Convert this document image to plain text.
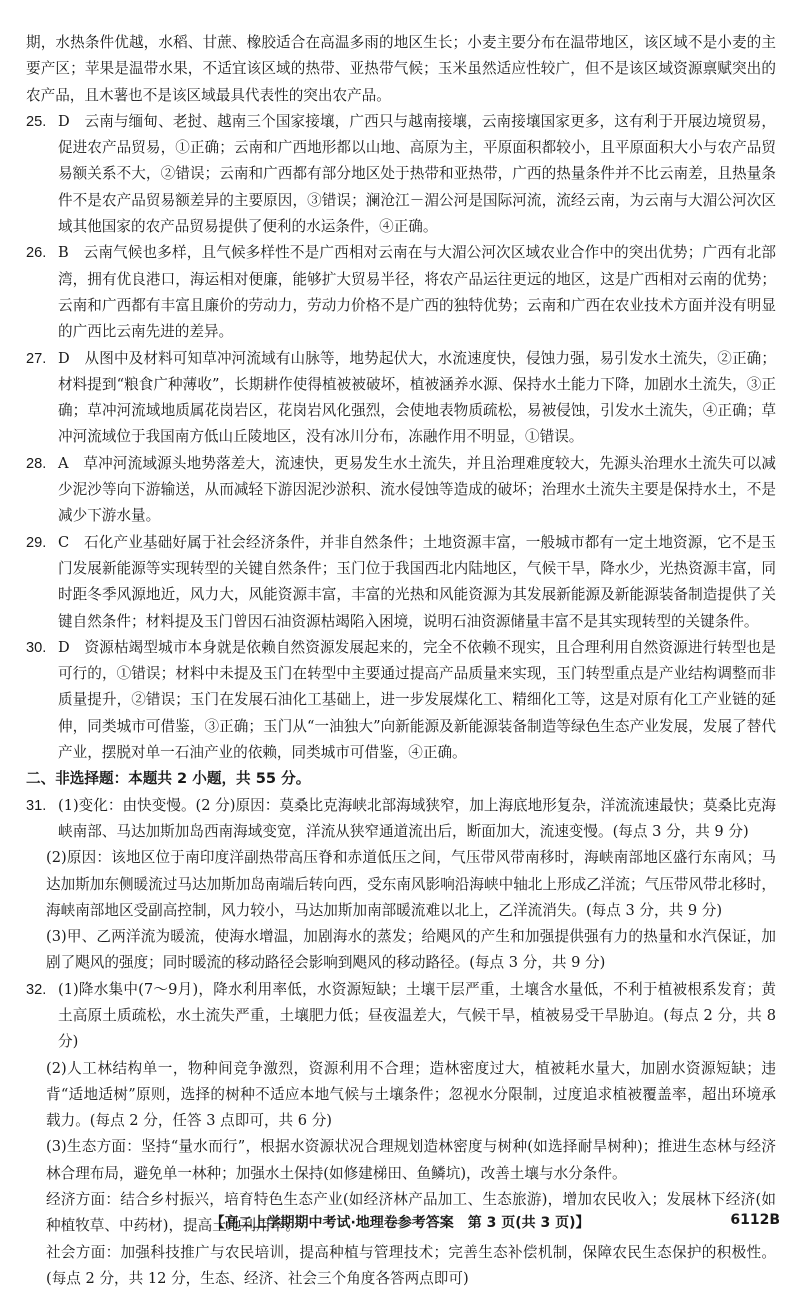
期，水热条件优越，水稻、甘蔗、橡胶适合在高温多雨的地区生长；小麦主要分布在温带地区，该区域不是小麦的主要产区；苹果是温带水果，不适宜该区域的热带、亚热带气候；玉米虽然适应性较广，但不是该区域资源禀赋突出的农产品，且木薯也不是该区域最具代表性的突出农产品。

25. D　云南与缅甸、老挝、越南三个国家接壤，广西只与越南接壤，云南接壤国家更多，这有利于开展边境贸易，促进农产品贸易，①正确；云南和广西地形都以山地、高原为主，平原面积都较小，且平原面积大小与农产品贸易额关系不大，②错误；云南和广西都有部分地区处于热带和亚热带，广西的热量条件并不比云南差，且热量条件不是农产品贸易额差异的主要原因，③错误；澜沧江－湄公河是国际河流，流经云南，为云南与大湄公河次区域其他国家的农产品贸易提供了便利的水运条件，④正确。

26. B　云南气候也多样，且气候多样性不是广西相对云南在与大湄公河次区域农业合作中的突出优势；广西有北部湾，拥有优良港口，海运相对便廉，能够扩大贸易半径，将农产品运往更远的地区，这是广西相对云南的优势；云南和广西都有丰富且廉价的劳动力，劳动力价格不是广西的独特优势；云南和广西在农业技术方面并没有明显的广西比云南先进的差异。

27. D　从图中及材料可知草冲河流域有山脉等，地势起伏大，水流速度快，侵蚀力强，易引发水土流失，②正确；材料提到“粮食广种薄收”，长期耕作使得植被被破坏，植被涵养水源、保持水土能力下降，加剧水土流失，③正确；草冲河流域地质属花岗岩区，花岗岩风化强烈，会使地表物质疏松，易被侵蚀，引发水土流失，④正确；草冲河流域位于我国南方低山丘陵地区，没有冰川分布，冻融作用不明显，①错误。

28. A　草冲河流域源头地势落差大，流速快，更易发生水土流失，并且治理难度较大，先源头治理水土流失可以减少泥沙等向下游输送，从而减轻下游因泥沙淤积、流水侵蚀等造成的破坏；治理水土流失主要是保持水土，不是减少下游水量。

29. C　石化产业基础好属于社会经济条件，并非自然条件；土地资源丰富，一般城市都有一定土地资源，它不是玉门发展新能源等实现转型的关键自然条件；玉门位于我国西北内陆地区，气候干旱，降水少，光热资源丰富，同时距冬季风源地近，风力大，风能资源丰富，丰富的光热和风能资源为其发展新能源及新能源装备制造提供了关键自然条件；材料提及玉门曾因石油资源枯竭陷入困境，说明石油资源储量丰富不是其实现转型的关键条件。

30. D　资源枯竭型城市本身就是依赖自然资源发展起来的，完全不依赖不现实，且合理利用自然资源进行转型也是可行的，①错误；材料中未提及玉门在转型中主要通过提高产品质量来实现，玉门转型重点是产业结构调整而非质量提升，②错误；玉门在发展石油化工基础上，进一步发展煤化工、精细化工等，这是对原有化工产业链的延伸，同类城市可借鉴，③正确；玉门从“一油独大”向新能源及新能源装备制造等绿色生态产业发展，发展了替代产业，摆脱对单一石油产业的依赖，同类城市可借鉴，④正确。

二、非选择题：本题共 2 小题，共 55 分。

31. (1)变化：由快变慢。(2 分)原因：莫桑比克海峡北部海域狭窄，加上海底地形复杂，洋流流速最快；莫桑比克海峡南部、马达加斯加岛西南海域变宽，洋流从狭窄通道流出后，断面加大，流速变慢。(每点 3 分，共 9 分)

(2)原因：该地区位于南印度洋副热带高压脊和赤道低压之间，气压带风带南移时，海峡南部地区盛行东南风；马达加斯加东侧暖流过马达加斯加岛南端后转向西，受东南风影响沿海峡中轴北上形成乙洋流；气压带风带北移时，海峡南部地区受副高控制，风力较小，马达加斯加南部暖流难以北上，乙洋流消失。(每点 3 分，共 9 分)

(3)甲、乙两洋流为暖流，使海水增温，加剧海水的蒸发；给飓风的产生和加强提供强有力的热量和水汽保证，加剧了飓风的强度；同时暖流的移动路径会影响到飓风的移动路径。(每点 3 分，共 9 分)

32. (1)降水集中(7～9月)，降水利用率低，水资源短缺；土壤干层严重，土壤含水量低，不利于植被根系发育；黄土高原土质疏松，水土流失严重，土壤肥力低；昼夜温差大，气候干旱，植被易受干旱胁迫。(每点 2 分，共 8 分)

(2)人工林结构单一，物种间竞争激烈，资源利用不合理；造林密度过大，植被耗水量大，加剧水资源短缺；违背“适地适树”原则，选择的树种不适应本地气候与土壤条件；忽视水分限制，过度追求植被覆盖率，超出环境承载力。(每点 2 分，任答 3 点即可，共 6 分)

(3)生态方面：坚持“量水而行”，根据水资源状况合理规划造林密度与树种(如选择耐旱树种)；推进生态林与经济林合理布局，避免单一林种；加强水土保持(如修建梯田、鱼鳞坑)，改善土壤与水分条件。

经济方面：结合乡村振兴，培育特色生态产业(如经济林产品加工、生态旅游)，增加农民收入；发展林下经济(如种植牧草、中药材)，提高土地利用率。

社会方面：加强科技推广与农民培训，提高种植与管理技术；完善生态补偿机制，保障农民生态保护的积极性。(每点 2 分，共 12 分，生态、经济、社会三个角度各答两点即可)

【高二上学期期中考试·地理卷参考答案　第 3 页(共 3 页)】	6112B
